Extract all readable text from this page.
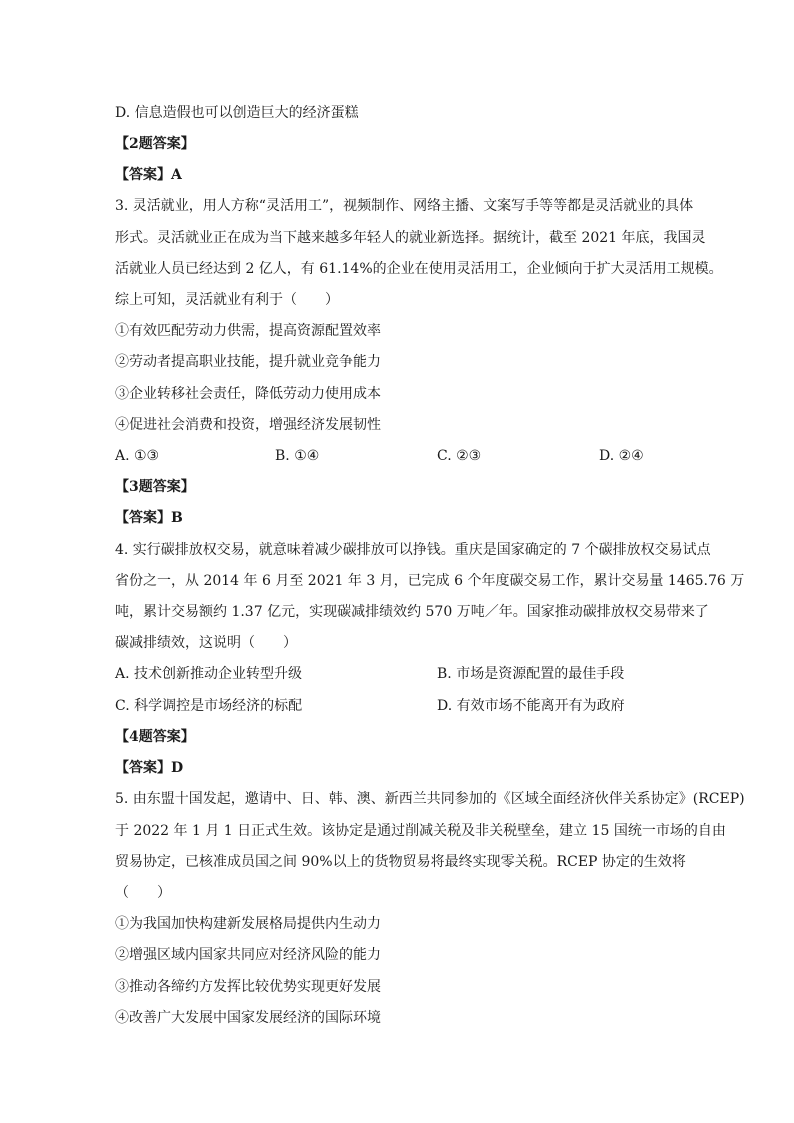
D. 信息造假也可以创造巨大的经济蛋糕
【2题答案】
【答案】A
3. 灵活就业，用人方称“灵活用工”，视频制作、网络主播、文案写手等等都是灵活就业的具体
形式。灵活就业正在成为当下越来越多年轻人的就业新选择。据统计，截至 2021 年底，我国灵
活就业人员已经达到 2 亿人，有 61.14%的企业在使用灵活用工，企业倾向于扩大灵活用工规模。
综上可知，灵活就业有利于（　　）
①有效匹配劳动力供需，提高资源配置效率
②劳动者提高职业技能，提升就业竞争能力
③企业转移社会责任，降低劳动力使用成本
④促进社会消费和投资，增强经济发展韧性
A. ①③	B. ①④	C. ②③	D. ②④
【3题答案】
【答案】B
4. 实行碳排放权交易，就意味着减少碳排放可以挣钱。重庆是国家确定的 7 个碳排放权交易试点
省份之一，从 2014 年 6 月至 2021 年 3 月，已完成 6 个年度碳交易工作，累计交易量 1465.76 万
吨，累计交易额约 1.37 亿元，实现碳减排绩效约 570 万吨／年。国家推动碳排放权交易带来了
碳减排绩效，这说明（　　）
A. 技术创新推动企业转型升级	B. 市场是资源配置的最佳手段
C. 科学调控是市场经济的标配	D. 有效市场不能离开有为政府
【4题答案】
【答案】D
5. 由东盟十国发起，邀请中、日、韩、澳、新西兰共同参加的《区域全面经济伙伴关系协定》(RCEP)
于 2022 年 1 月 1 日正式生效。该协定是通过削减关税及非关税壁垒，建立 15 国统一市场的自由
贸易协定，已核准成员国之间 90%以上的货物贸易将最终实现零关税。RCEP 协定的生效将
（　　）
①为我国加快构建新发展格局提供内生动力
②增强区域内国家共同应对经济风险的能力
③推动各缔约方发挥比较优势实现更好发展
④改善广大发展中国家发展经济的国际环境
